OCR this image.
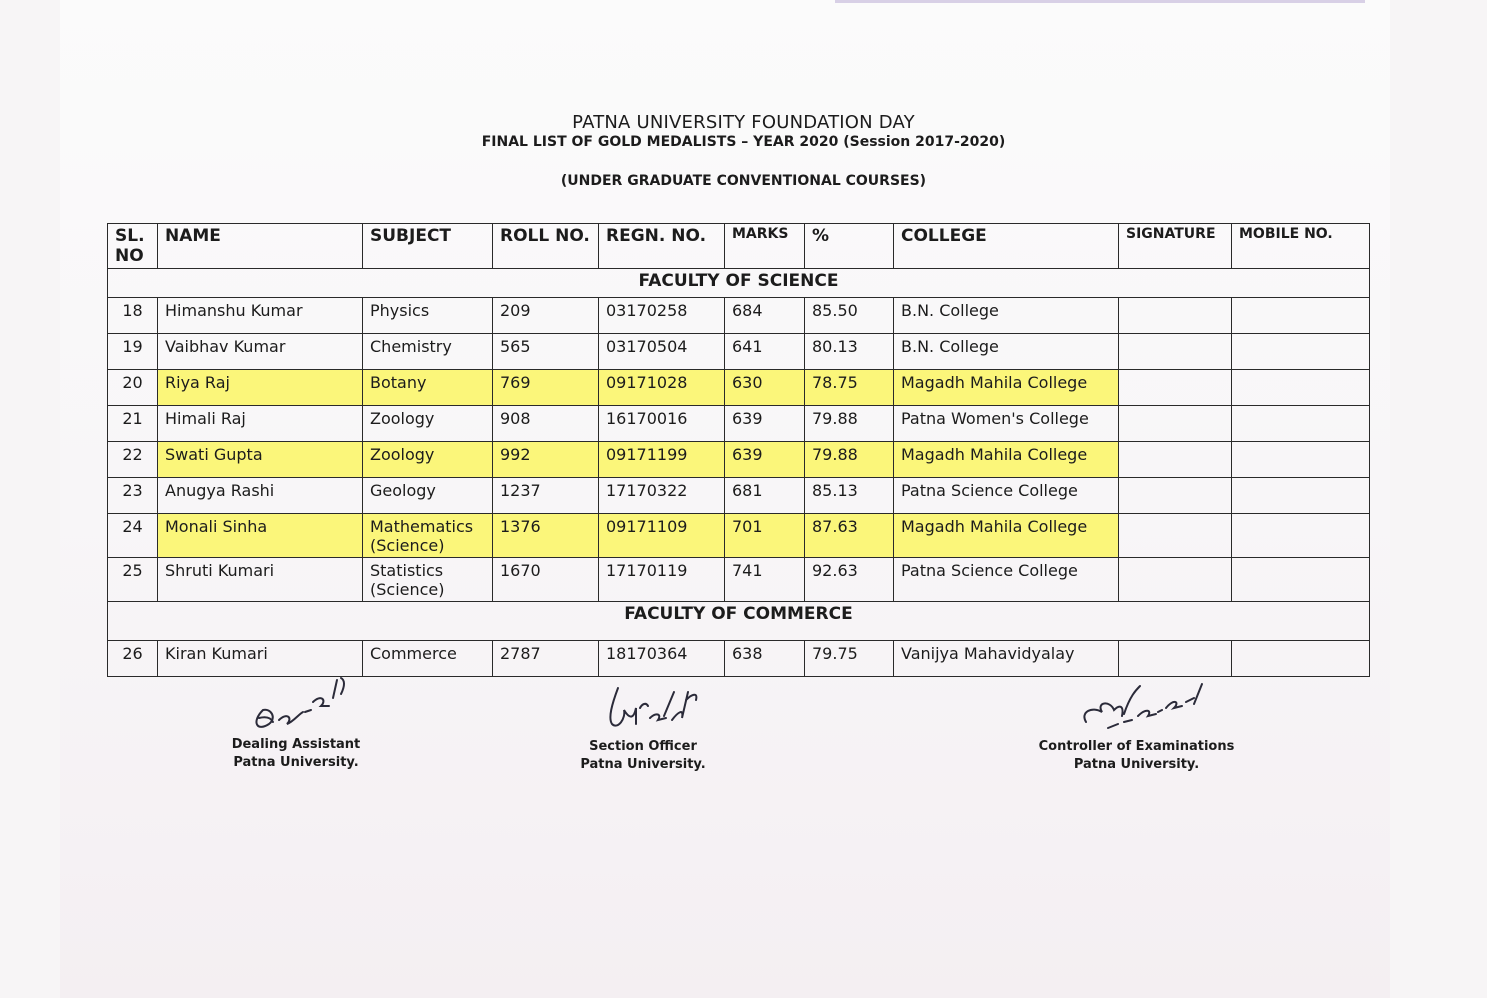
PATNA UNIVERSITY FOUNDATION DAY
FINAL LIST OF GOLD MEDALISTS – YEAR 2020 (Session 2017-2020)
(UNDER GRADUATE CONVENTIONAL COURSES)
SL.
NO	NAME	SUBJECT	ROLL NO.	REGN. NO.	MARKS	%	COLLEGE	SIGNATURE	MOBILE NO.
FACULTY OF SCIENCE									
18	Himanshu Kumar	Physics	209	03170258	684	85.50	B.N. College		
19	Vaibhav Kumar	Chemistry	565	03170504	641	80.13	B.N. College		
20	Riya Raj	Botany	769	09171028	630	78.75	Magadh Mahila College		
21	Himali Raj	Zoology	908	16170016	639	79.88	Patna Women's College		
22	Swati Gupta	Zoology	992	09171199	639	79.88	Magadh Mahila College		
23	Anugya Rashi	Geology	1237	17170322	681	85.13	Patna Science College		
24	Monali Sinha	Mathematics
(Science)	1376	09171109	701	87.63	Magadh Mahila College		
25	Shruti Kumari	Statistics
(Science)	1670	17170119	741	92.63	Patna Science College		
FACULTY OF COMMERCE									
26	Kiran Kumari	Commerce	2787	18170364	638	79.75	Vanijya Mahavidyalay		
Dealing Assistant
Patna University.
Section Officer
Patna University.
Controller of Examinations
Patna University.
